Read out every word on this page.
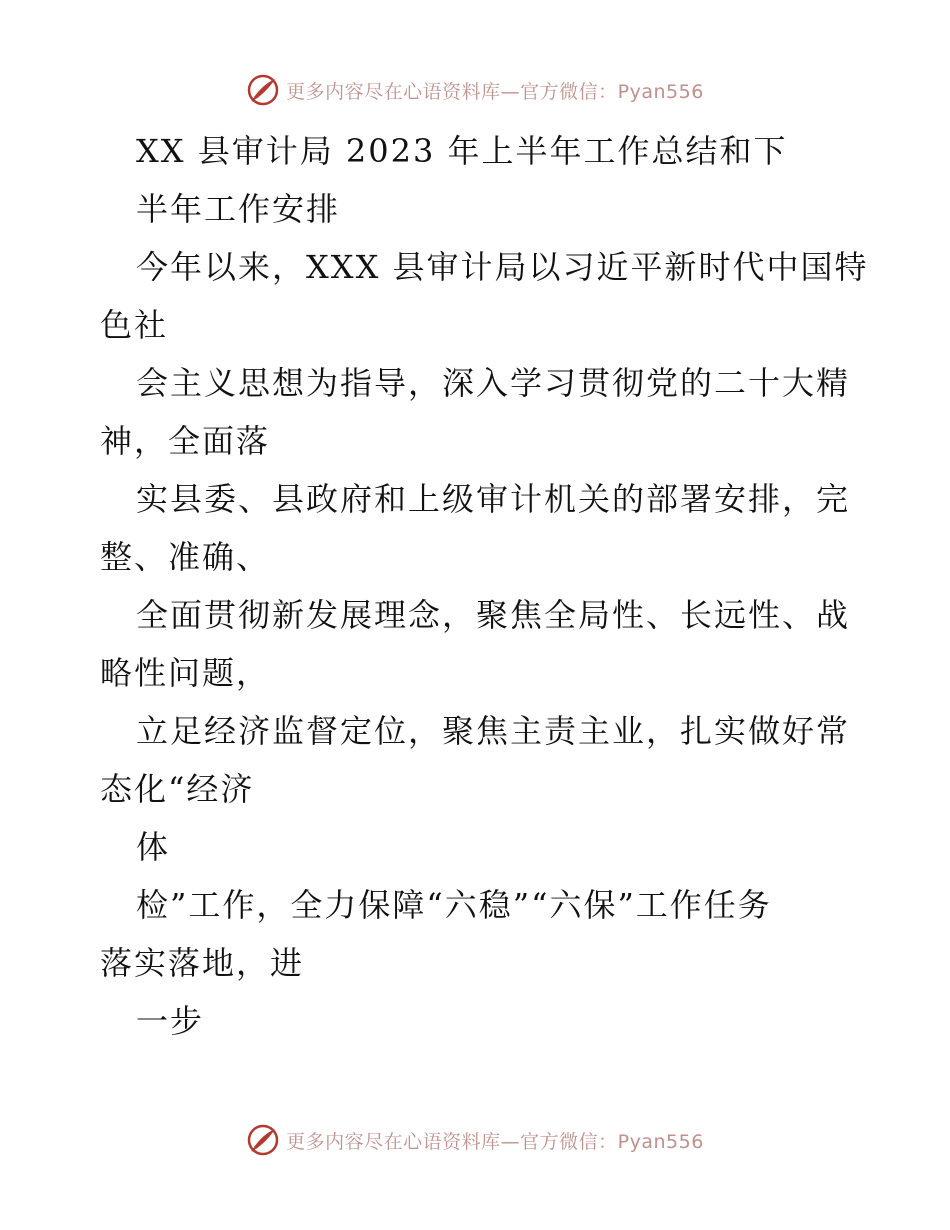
更多内容尽在心语资料库—官方微信：Pyan556
XX 县审计局 2023 年上半年工作总结和下
半年工作安排
今年以来，XXX 县审计局以习近平新时代中国特
色社
会主义思想为指导，深入学习贯彻党的二十大精
神，全面落
实县委、县政府和上级审计机关的部署安排，完
整、准确、
全面贯彻新发展理念，聚焦全局性、长远性、战
略性问题，
立足经济监督定位，聚焦主责主业，扎实做好常
态化“经济
体
检”工作，全力保障“六稳”“六保”工作任务
落实落地，进
一步
更多内容尽在心语资料库—官方微信：Pyan556
